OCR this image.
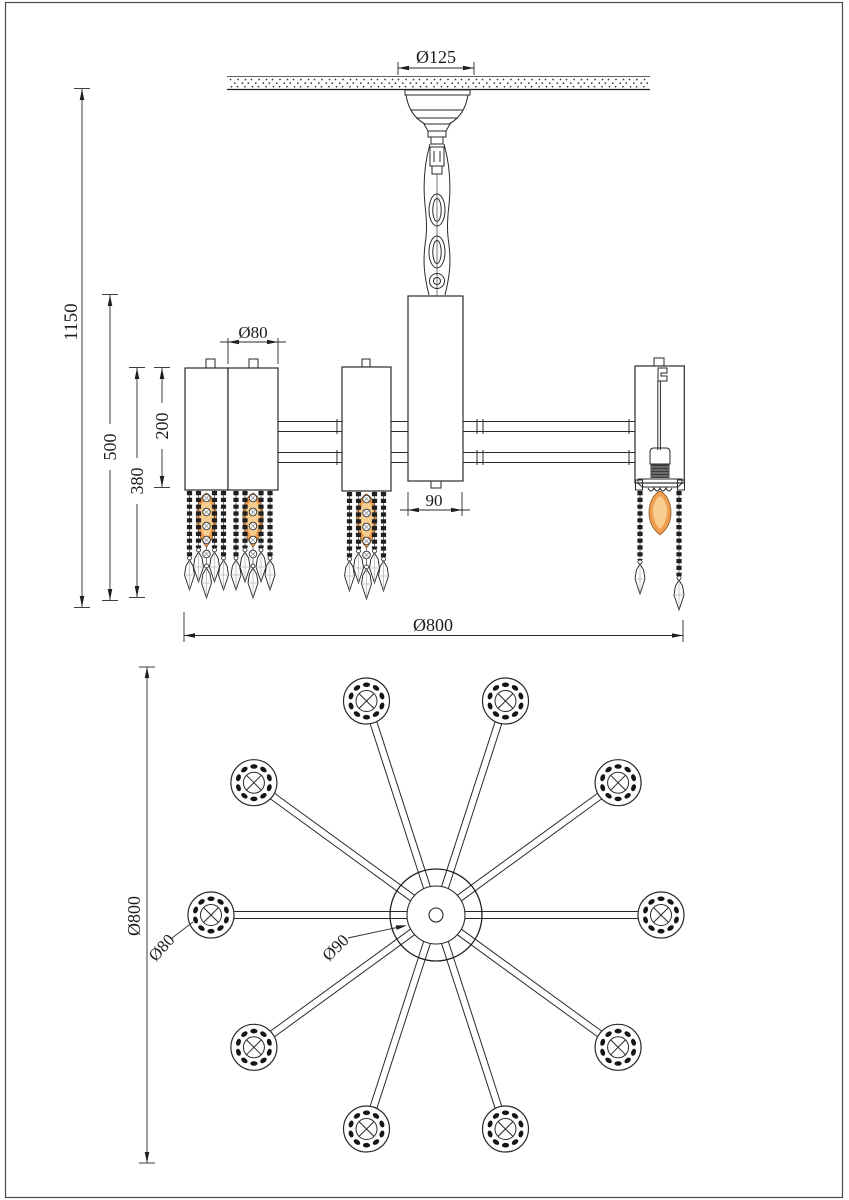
Ø125
Ø80
90
1150
500
380
200
Ø800
Ø800
Ø80	Ø90
